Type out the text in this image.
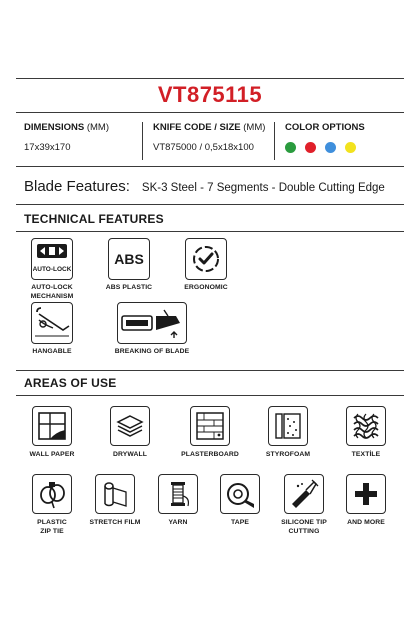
VT875115
DIMENSIONS (MM)
17x39x170
KNIFE CODE / SIZE (MM)
VT875000 / 0,5x18x100
COLOR OPTIONS
Blade Features: SK-3 Steel - 7 Segments - Double Cutting Edge
TECHNICAL FEATURES
AUTO-LOCK
AUTO-LOCK
MECHANISM
ABS
ABS PLASTIC	ERGONOMIC
HANGABLE	BREAKING OF BLADE
AREAS OF USE
WALL PAPER	DRYWALL	PLASTERBOARD	STYROFOAM	TEXTİLE
PLASTIC
ZIP TIE
STRETCH FILM	YARN	TAPE	SILICONE TIP
CUTTING
AND MORE
